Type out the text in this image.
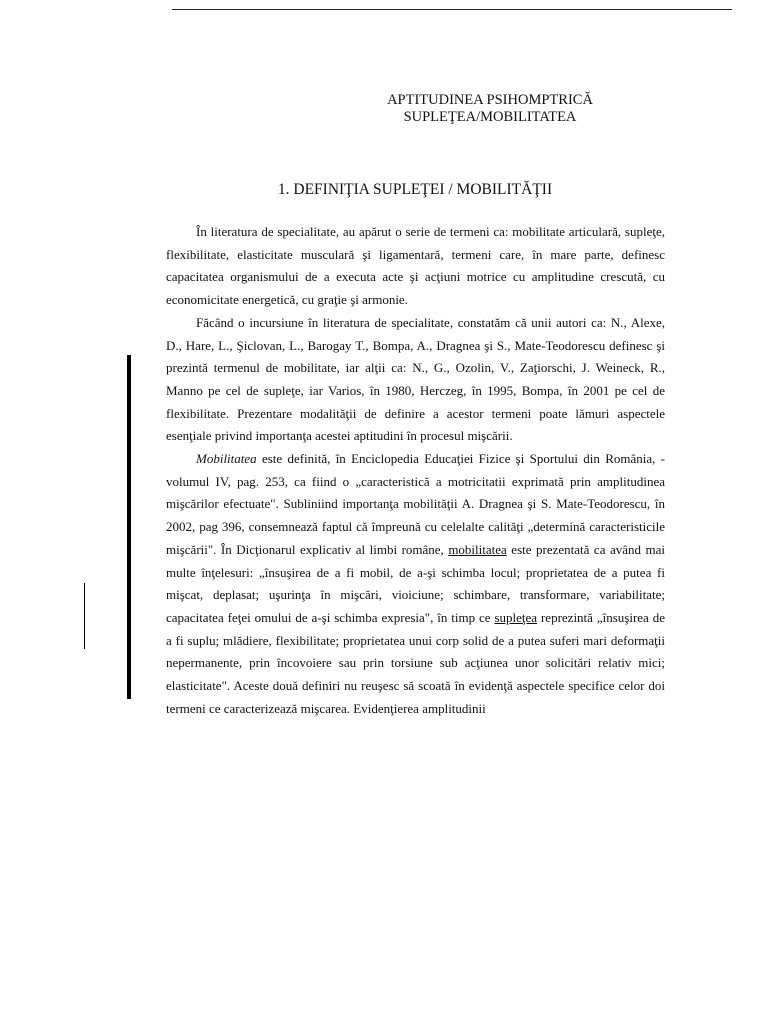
APTITUDINEA PSIHOMPTRICĂ
SUPLEŢEA/MOBILITATEA
1. DEFINIŢIA SUPLEŢEI / MOBILITĂŢII

În literatura de specialitate, au apărut o serie de termeni ca: mobilitate articulară, supleţe, flexibilitate, elasticitate musculară şi ligamentară, termeni care, în mare parte, definesc capacitatea organismului de a executa acte şi acţiuni motrice cu amplitudine crescută, cu economicitate energetică, cu graţie şi armonie.

Făcând o incursiune în literatura de specialitate, constatăm că unii autori ca: N., Alexe, D., Hare, L., Şiclovan, L., Barogay T., Bompa, A., Dragnea şi S., Mate-Teodorescu definesc şi prezintă termenul de mobilitate, iar alţii ca: N., G., Ozolin, V., Zaţiorschi, J. Weineck, R., Manno pe cel de supleţe, iar Varios, în 1980, Herczeg, în 1995, Bompa, în 2001 pe cel de flexibilitate. Prezentare modalităţii de definire a acestor termeni poate lămuri aspectele esenţiale privind importanţa acestei aptitudini în procesul mişcării.

Mobilitatea este definită, în Enciclopedia Educaţiei Fizice şi Sportului din România, - volumul IV, pag. 253, ca fiind o „caracteristică a motricitatii exprimată prin amplitudinea mişcărilor efectuate". Subliniind importanţa mobilităţii A. Dragnea şi S. Mate-Teodorescu, în 2002, pag 396, consemnează faptul că împreună cu celelalte calităţi „determină caracteristicile mişcării". În Dicţionarul explicativ al limbi române, mobilitatea este prezentată ca având mai multe înţelesuri: „însuşirea de a fi mobil, de a-şi schimba locul; proprietatea de a putea fi mişcat, deplasat; uşurinţa în mişcări, vioiciune; schimbare, transformare, variabilitate; capacitatea feţei omului de a-şi schimba expresia", în timp ce supleţea reprezintă „însuşirea de a fi suplu; mlădiere, flexibilitate; proprietatea unui corp solid de a putea suferi mari deformaţii nepermanente, prin încovoiere sau prin torsiune sub acţiunea unor solicitări relativ mici; elasticitate". Aceste două definiri nu reuşesc să scoată în evidenţă aspectele specifice celor doi termeni ce caracterizează mişcarea. Evidenţierea amplitudinii
